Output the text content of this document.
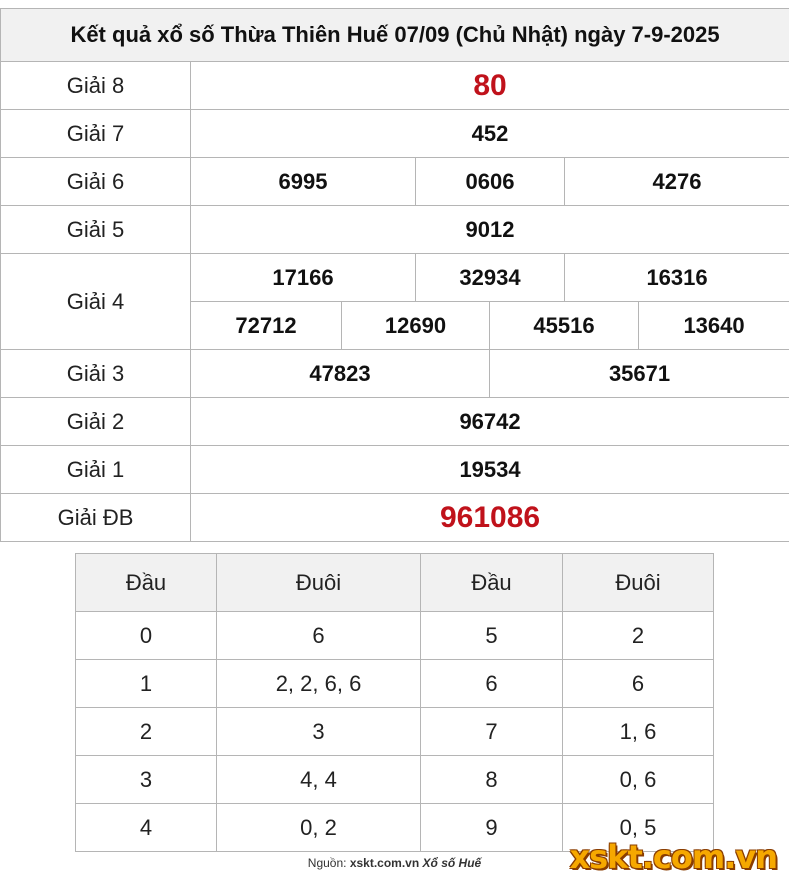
Kết quả xổ số Thừa Thiên Huế 07/09 (Chủ Nhật) ngày 7-9-2025						
Giải 8	80					
Giải 7	452					
Giải 6	6995		0606		4276	
Giải 5	9012					
Giải 4	17166		32934		16316	
	72712	12690		45516		13640
Giải 3	47823			35671		
Giải 2	96742					
Giải 1	19534					
Giải ĐB	961086					
Đầu	Đuôi	Đầu	Đuôi
0	6	5	2
1	2, 2, 6, 6	6	6
2	3	7	1, 6
3	4, 4	8	0, 6
4	0, 2	9	0, 5
Nguồn: xskt.com.vn Xổ số Huế	xskt.com.vn
